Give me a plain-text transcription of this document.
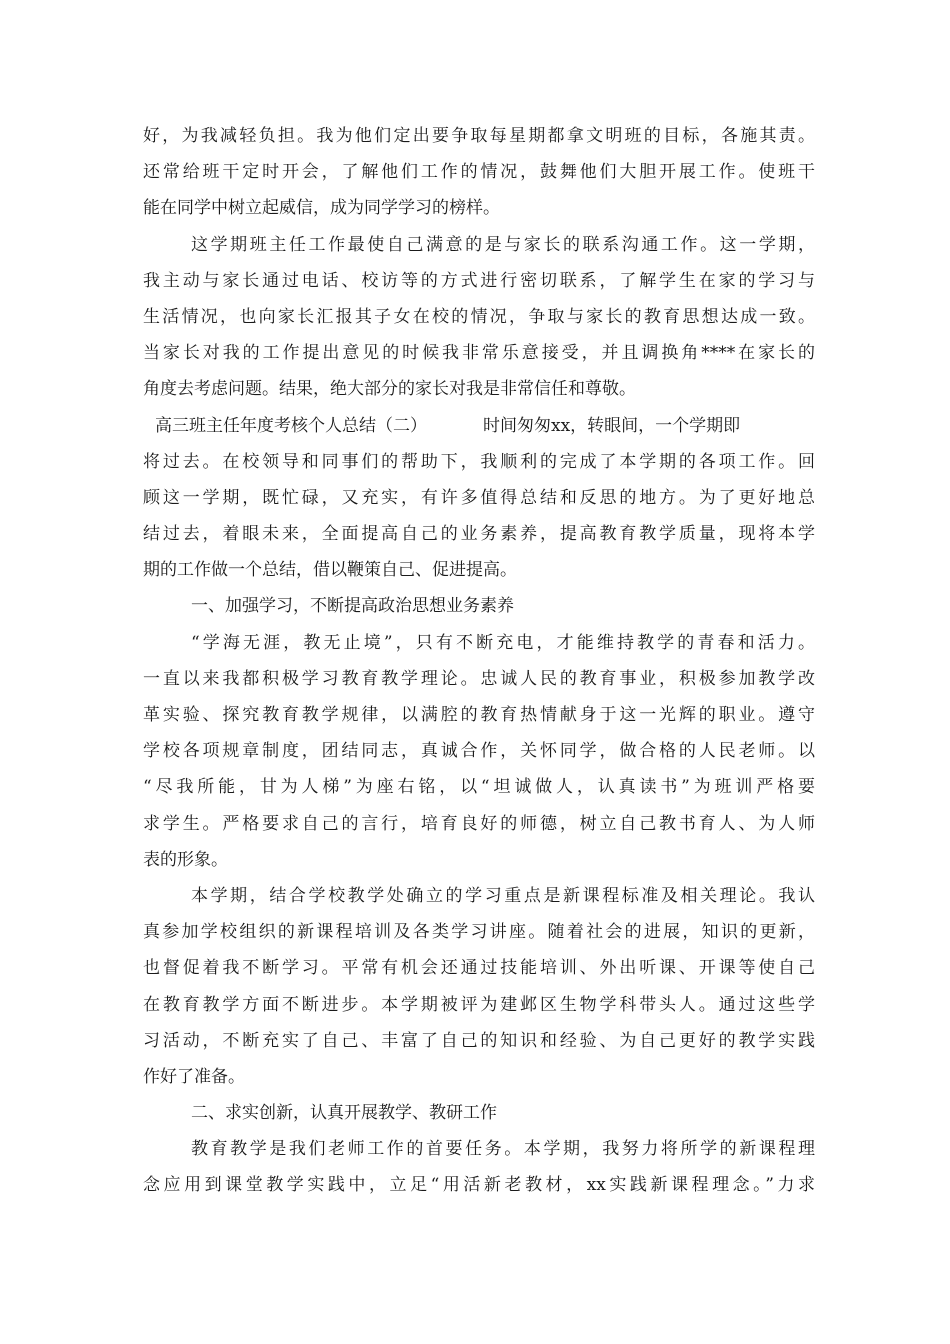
好，为我减轻负担。我为他们定出要争取每星期都拿文明班的目标，各施其责。
还常给班干定时开会，了解他们工作的情况，鼓舞他们大胆开展工作。使班干
能在同学中树立起威信，成为同学学习的榜样。
这学期班主任工作最使自己满意的是与家长的联系沟通工作。这一学期，
我主动与家长通过电话、校访等的方式进行密切联系，了解学生在家的学习与
生活情况，也向家长汇报其子女在校的情况，争取与家长的教育思想达成一致。
当家长对我的工作提出意见的时候我非常乐意接受，并且调换角****在家长的
角度去考虑问题。结果，绝大部分的家长对我是非常信任和尊敬。
高三班主任年度考核个人总结（二）	时间匆匆xx，转眼间，一个学期即
将过去。在校领导和同事们的帮助下，我顺利的完成了本学期的各项工作。回
顾这一学期，既忙碌，又充实，有许多值得总结和反思的地方。为了更好地总
结过去，着眼未来，全面提高自己的业务素养，提高教育教学质量，现将本学
期的工作做一个总结，借以鞭策自己、促进提高。
一、加强学习，不断提高政治思想业务素养
“学海无涯，教无止境”，只有不断充电，才能维持教学的青春和活力。
一直以来我都积极学习教育教学理论。忠诚人民的教育事业，积极参加教学改
革实验、探究教育教学规律，以满腔的教育热情献身于这一光辉的职业。遵守
学校各项规章制度，团结同志，真诚合作，关怀同学，做合格的人民老师。以
“尽我所能，甘为人梯”为座右铭，以“坦诚做人，认真读书”为班训严格要
求学生。严格要求自己的言行，培育良好的师德，树立自己教书育人、为人师
表的形象。
本学期，结合学校教学处确立的学习重点是新课程标准及相关理论。我认
真参加学校组织的新课程培训及各类学习讲座。随着社会的进展，知识的更新，
也督促着我不断学习。平常有机会还通过技能培训、外出听课、开课等使自己
在教育教学方面不断进步。本学期被评为建邺区生物学科带头人。通过这些学
习活动，不断充实了自己、丰富了自己的知识和经验、为自己更好的教学实践
作好了准备。
二、求实创新，认真开展教学、教研工作
教育教学是我们老师工作的首要任务。本学期，我努力将所学的新课程理
念应用到课堂教学实践中，立足“用活新老教材，xx实践新课程理念。”力求
